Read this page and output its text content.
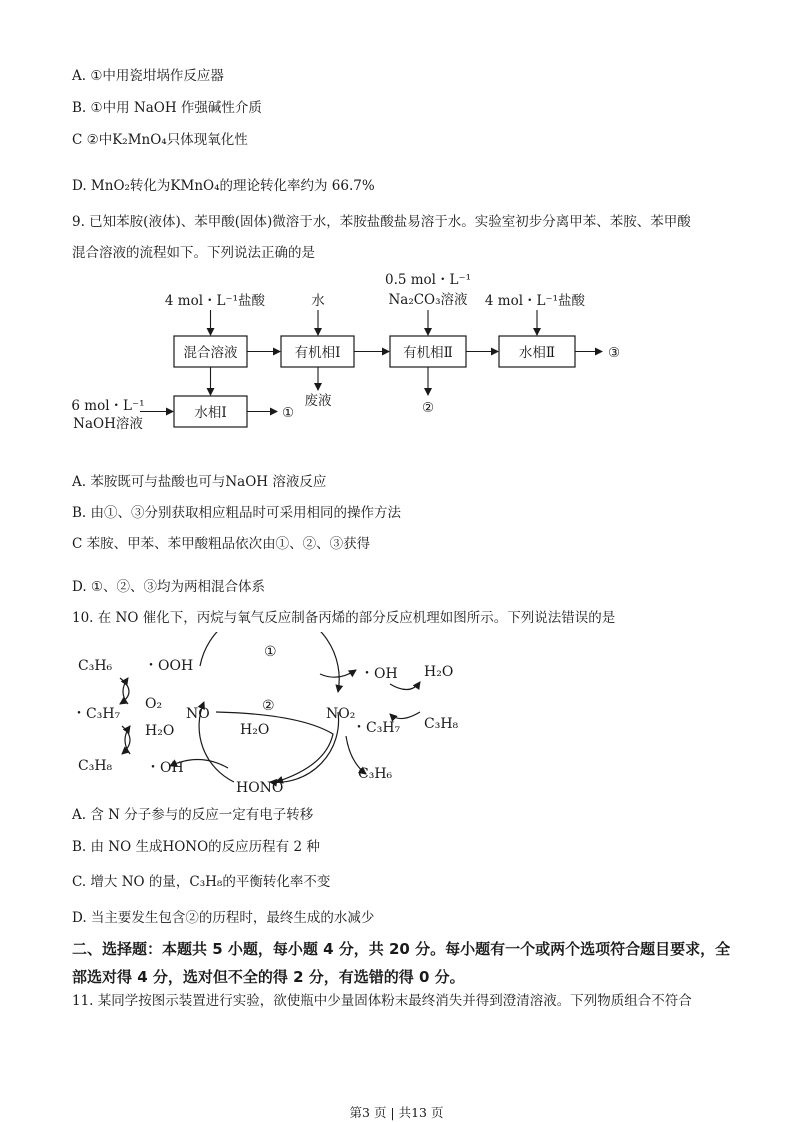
A. ①中用瓷坩埚作反应器
B. ①中用 NaOH 作强碱性介质
C ②中K₂MnO₄只体现氧化性
D. MnO₂转化为KMnO₄的理论转化率约为 66.7%
9. 已知苯胺(液体)、苯甲酸(固体)微溶于水，苯胺盐酸盐易溶于水。实验室初步分离甲苯、苯胺、苯甲酸
混合溶液的流程如下。下列说法正确的是
4 mol・L⁻¹盐酸	水
0.5 mol・L⁻¹
Na₂CO₃溶液 4 mol・L⁻¹盐酸
混合溶液	有机相Ⅰ	有机相Ⅱ	水相Ⅱ
水相Ⅰ
6 mol・L⁻¹
NaOH溶液
废液
①	②
③
A. 苯胺既可与盐酸也可与NaOH 溶液反应
B. 由①、③分别获取相应粗品时可采用相同的操作方法
C 苯胺、甲苯、苯甲酸粗品依次由①、②、③获得
D. ①、②、③均为两相混合体系
10. 在 NO 催化下，丙烷与氧气反应制备丙烯的部分反应机理如图所示。下列说法错误的是
C₃H₆ ・OOH
O₂
・C₃H₇
H₂O
C₃H₈ ・OH
NO	NO₂
HONO
①
②
H₂O
・OH H₂O
C₃H₈
・C₃H₇
C₃H₆
A. 含 N 分子参与的反应一定有电子转移
B. 由 NO 生成HONO的反应历程有 2 种
C. 增大 NO 的量，C₃H₈的平衡转化率不变
D. 当主要发生包含②的历程时，最终生成的水减少
二、选择题：本题共 5 小题，每小题 4 分，共 20 分。每小题有一个或两个选项符合题目要求，全部选对得 4 分，选对但不全的得 2 分，有选错的得 0 分。
11. 某同学按图示装置进行实验，欲使瓶中少量固体粉末最终消失并得到澄清溶液。下列物质组合不符合
第3 页 | 共13 页
